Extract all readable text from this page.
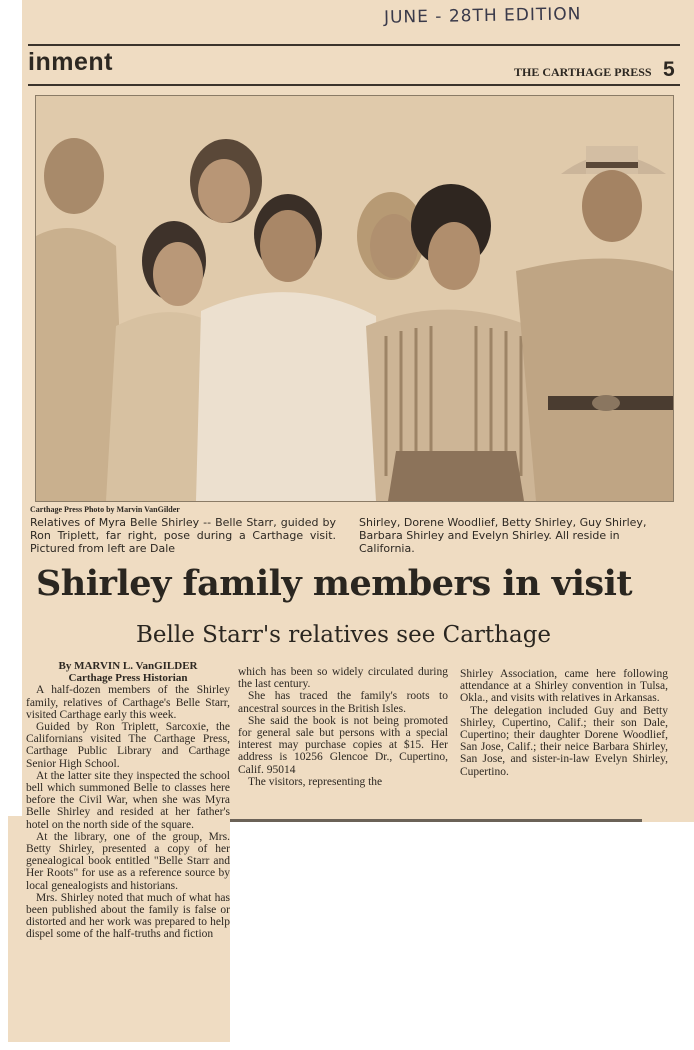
JUNE - 28TH EDITION
inment	THE CARTHAGE PRESS 5
Carthage Press Photo by Marvin VanGilder
Relatives of Myra Belle Shirley -- Belle Starr, guided by Ron Triplett, far right, pose during a Carthage visit. Pictured from left are Dale
Shirley, Dorene Woodlief, Betty Shirley, Guy Shirley, Barbara Shirley and Evelyn Shirley. All reside in California.
Shirley family members in visit
Belle Starr's relatives see Carthage

By MARVIN L. VanGILDER

Carthage Press Historian

A half-dozen members of the Shirley family, relatives of Carthage's Belle Starr, visited Carthage early this week.

Guided by Ron Triplett, Sarcoxie, the Californians visited The Carthage Press, Carthage Public Library and Carthage Senior High School.

At the latter site they inspected the school bell which summoned Belle to classes here before the Civil War, when she was Myra Belle Shirley and resided at her father's hotel on the north side of the square.

At the library, one of the group, Mrs. Betty Shirley, presented a copy of her genealogical book entitled "Belle Starr and Her Roots" for use as a reference source by local genealogists and historians.

Mrs. Shirley noted that much of what has been published about the family is false or distorted and her work was prepared to help dispel some of the half-truths and fiction

which has been so widely circulated during the last century.

She has traced the family's roots to ancestral sources in the British Isles.

She said the book is not being promoted for general sale but persons with a special interest may purchase copies at $15. Her address is 10256 Glencoe Dr., Cupertino, Calif. 95014

The visitors, representing the

Shirley Association, came here following attendance at a Shirley convention in Tulsa, Okla., and visits with relatives in Arkansas.

The delegation included Guy and Betty Shirley, Cupertino, Calif.; their son Dale, Cupertino; their daughter Dorene Woodlief, San Jose, Calif.; their neice Barbara Shirley, San Jose, and sister-in-law Evelyn Shirley, Cupertino.
